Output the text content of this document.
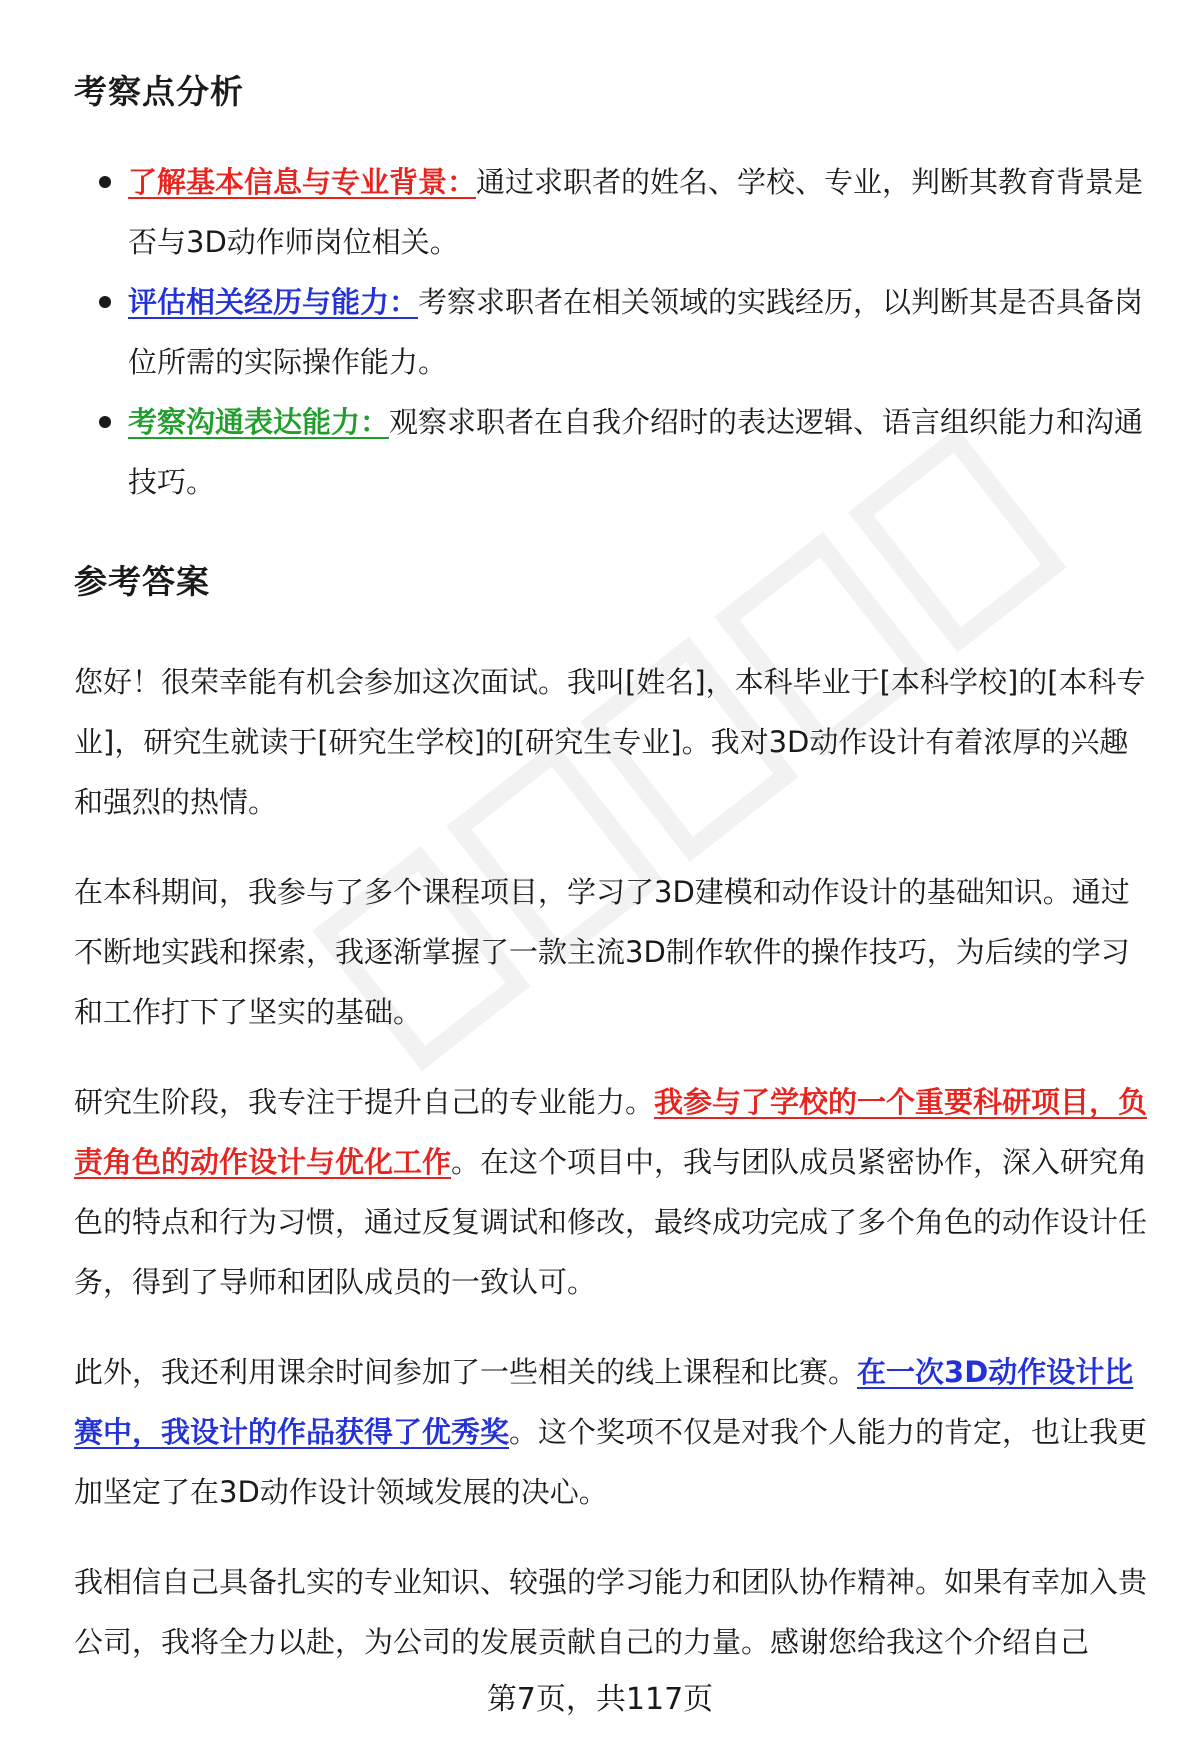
考察点分析
了解基本信息与专业背景：通过求职者的姓名、学校、专业，判断其教育背景是否与3D动作师岗位相关。
评估相关经历与能力：考察求职者在相关领域的实践经历，以判断其是否具备岗位所需的实际操作能力。
考察沟通表达能力：观察求职者在自我介绍时的表达逻辑、语言组织能力和沟通技巧。
参考答案

您好！很荣幸能有机会参加这次面试。我叫[姓名]，本科毕业于[本科学校]的[本科专业]，研究生就读于[研究生学校]的[研究生专业]。我对3D动作设计有着浓厚的兴趣和强烈的热情。

在本科期间，我参与了多个课程项目，学习了3D建模和动作设计的基础知识。通过不断地实践和探索，我逐渐掌握了一款主流3D制作软件的操作技巧，为后续的学习和工作打下了坚实的基础。

研究生阶段，我专注于提升自己的专业能力。我参与了学校的一个重要科研项目，负责角色的动作设计与优化工作。在这个项目中，我与团队成员紧密协作，深入研究角色的特点和行为习惯，通过反复调试和修改，最终成功完成了多个角色的动作设计任务，得到了导师和团队成员的一致认可。

此外，我还利用课余时间参加了一些相关的线上课程和比赛。在一次3D动作设计比赛中，我设计的作品获得了优秀奖。这个奖项不仅是对我个人能力的肯定，也让我更加坚定了在3D动作设计领域发展的决心。

我相信自己具备扎实的专业知识、较强的学习能力和团队协作精神。如果有幸加入贵公司，我将全力以赴，为公司的发展贡献自己的力量。感谢您给我这个介绍自己

第7页，共117页
